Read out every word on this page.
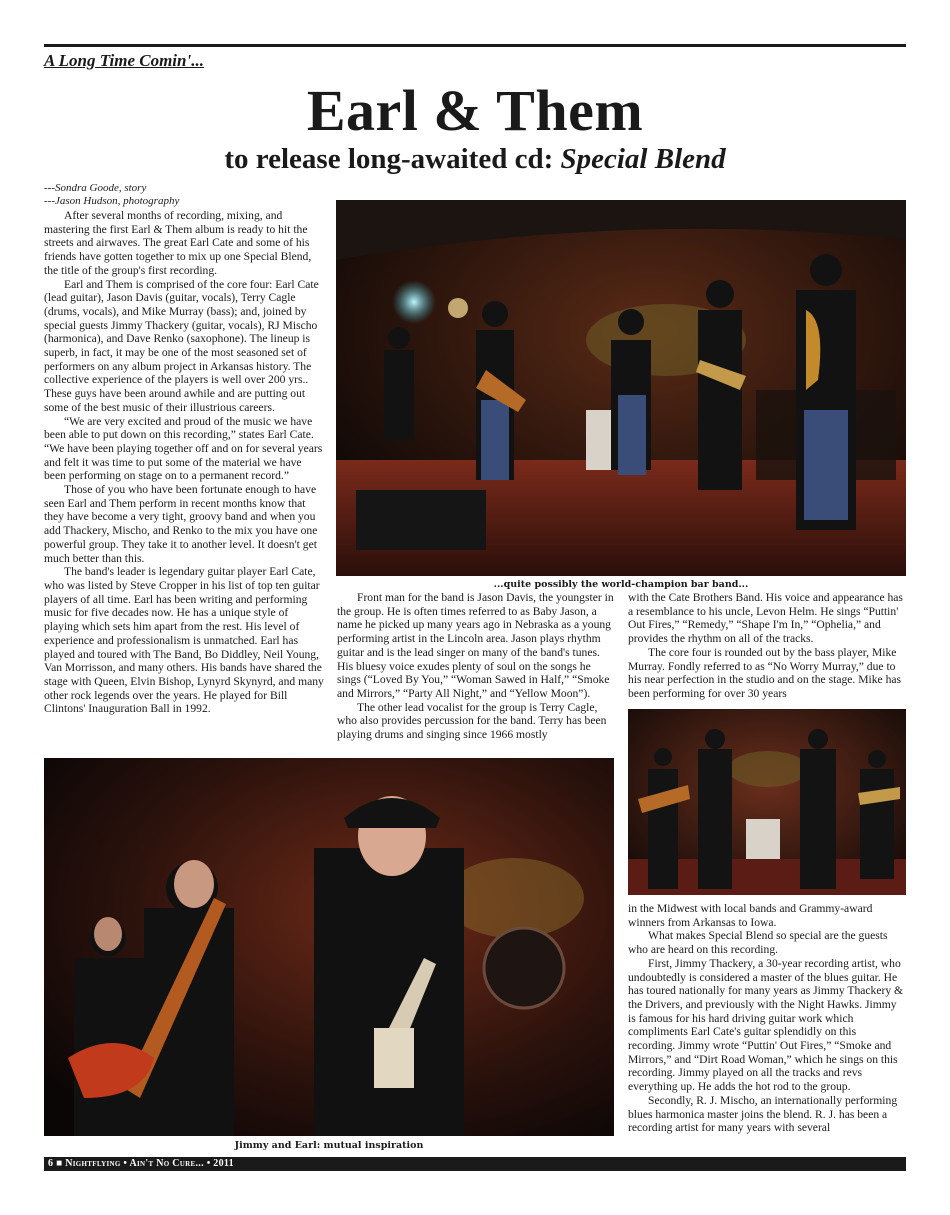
A Long Time Comin'...
Earl & Them
to release long-awaited cd: Special Blend
---Sondra Goode, story
---Jason Hudson, photography

After several months of recording, mixing, and mastering the first Earl & Them album is ready to hit the streets and airwaves. The great Earl Cate and some of his friends have gotten together to mix up one Special Blend, the title of the group's first recording.

Earl and Them is comprised of the core four: Earl Cate (lead guitar), Jason Davis (guitar, vocals), Terry Cagle (drums, vocals), and Mike Murray (bass); and, joined by special guests Jimmy Thackery (guitar, vocals), RJ Mischo (harmonica), and Dave Renko (saxophone). The lineup is superb, in fact, it may be one of the most seasoned set of performers on any album project in Arkansas history. The collective experience of the players is well over 200 yrs.. These guys have been around awhile and are putting out some of the best music of their illustrious careers.

“We are very excited and proud of the music we have been able to put down on this recording,” states Earl Cate. “We have been playing together off and on for several years and felt it was time to put some of the material we have been performing on stage on to a permanent record.”

Those of you who have been fortunate enough to have seen Earl and Them perform in recent months know that they have become a very tight, groovy band and when you add Thackery, Mischo, and Renko to the mix you have one powerful group. They take it to another level. It doesn't get much better than this.

The band's leader is legendary guitar player Earl Cate, who was listed by Steve Cropper in his list of top ten guitar players of all time. Earl has been writing and performing music for five decades now. He has a unique style of playing which sets him apart from the rest. His level of experience and professionalism is unmatched. Earl has played and toured with The Band, Bo Diddley, Neil Young, Van Morrisson, and many others. His bands have shared the stage with Queen, Elvin Bishop, Lynyrd Skynyrd, and many other rock legends over the years. He played for Bill Clintons' Inauguration Ball in 1992.

...quite possibly the world-champion bar band...

Front man for the band is Jason Davis, the youngster in the group. He is often times referred to as Baby Jason, a name he picked up many years ago in Nebraska as a young performing artist in the Lincoln area. Jason plays rhythm guitar and is the lead singer on many of the band's tunes. His bluesy voice exudes plenty of soul on the songs he sings (“Loved By You,” “Woman Sawed in Half,” “Smoke and Mirrors,” “Party All Night,” and “Yellow Moon”).

The other lead vocalist for the group is Terry Cagle, who also provides percussion for the band. Terry has been playing drums and singing since 1966 mostly

with the Cate Brothers Band. His voice and appearance has a resemblance to his uncle, Levon Helm. He sings “Puttin' Out Fires,” “Remedy,” “Shape I'm In,” “Ophelia,” and provides the rhythm on all of the tracks.

The core four is rounded out by the bass player, Mike Murray. Fondly referred to as “No Worry Murray,” due to his near perfection in the studio and on the stage. Mike has been performing for over 30 years

in the Midwest with local bands and Grammy-award winners from Arkansas to Iowa.

What makes Special Blend so special are the guests who are heard on this recording.

First, Jimmy Thackery, a 30-year recording artist, who undoubtedly is considered a master of the blues guitar. He has toured nationally for many years as Jimmy Thackery & the Drivers, and previously with the Night Hawks. Jimmy is famous for his hard driving guitar work which compliments Earl Cate's guitar splendidly on this recording. Jimmy wrote “Puttin' Out Fires,” “Smoke and Mirrors,” and “Dirt Road Woman,” which he sings on this recording. Jimmy played on all the tracks and revs everything up. He adds the hot rod to the group.

Secondly, R. J. Mischo, an internationally performing blues harmonica master joins the blend. R. J. has been a recording artist for many years with several

Jimmy and Earl: mutual inspiration
6 ■ Nightflying • Ain't No Cure... • 2011
